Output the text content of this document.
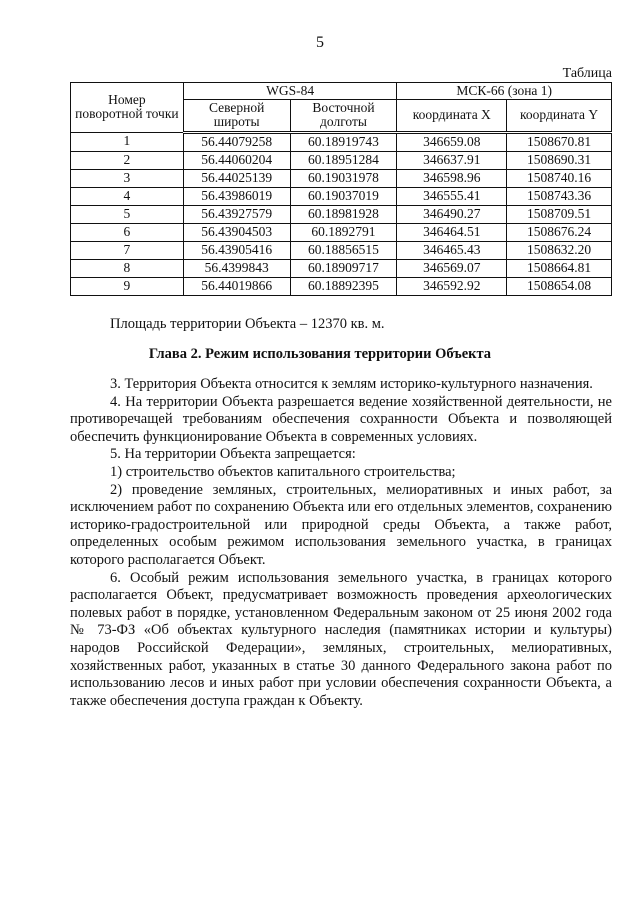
5
Таблица
Номер поворотной точки	WGS-84		МСК-66 (зона 1)	
	Северной широты	Восточной долготы	координата X	координата Y
1	56.44079258	60.18919743	346659.08	1508670.81
2	56.44060204	60.18951284	346637.91	1508690.31
3	56.44025139	60.19031978	346598.96	1508740.16
4	56.43986019	60.19037019	346555.41	1508743.36
5	56.43927579	60.18981928	346490.27	1508709.51
6	56.43904503	60.1892791	346464.51	1508676.24
7	56.43905416	60.18856515	346465.43	1508632.20
8	56.4399843	60.18909717	346569.07	1508664.81
9	56.44019866	60.18892395	346592.92	1508654.08
Площадь территории Объекта – 12370 кв. м.
Глава 2. Режим использования территории Объекта

3. Территория Объекта относится к землям историко-культурного назначения.

4. На территории Объекта разрешается ведение хозяйственной деятельности, не противоречащей требованиям обеспечения сохранности Объекта и позволяющей обеспечить функционирование Объекта в современных условиях.

5. На территории Объекта запрещается:

1) строительство объектов капитального строительства;

2) проведение земляных, строительных, мелиоративных и иных работ, за исключением работ по сохранению Объекта или его отдельных элементов, сохранению историко-градостроительной или природной среды Объекта, а также работ, определенных особым режимом использования земельного участка, в границах которого располагается Объект.

6. Особый режим использования земельного участка, в границах которого располагается Объект, предусматривает возможность проведения археологических полевых работ в порядке, установленном Федеральным законом от 25 июня 2002 года № 73-ФЗ «Об объектах культурного наследия (памятниках истории и культуры) народов Российской Федерации», земляных, строительных, мелиоративных, хозяйственных работ, указанных в статье 30 данного Федерального закона работ по использованию лесов и иных работ при условии обеспечения сохранности Объекта, а также обеспечения доступа граждан к Объекту.
